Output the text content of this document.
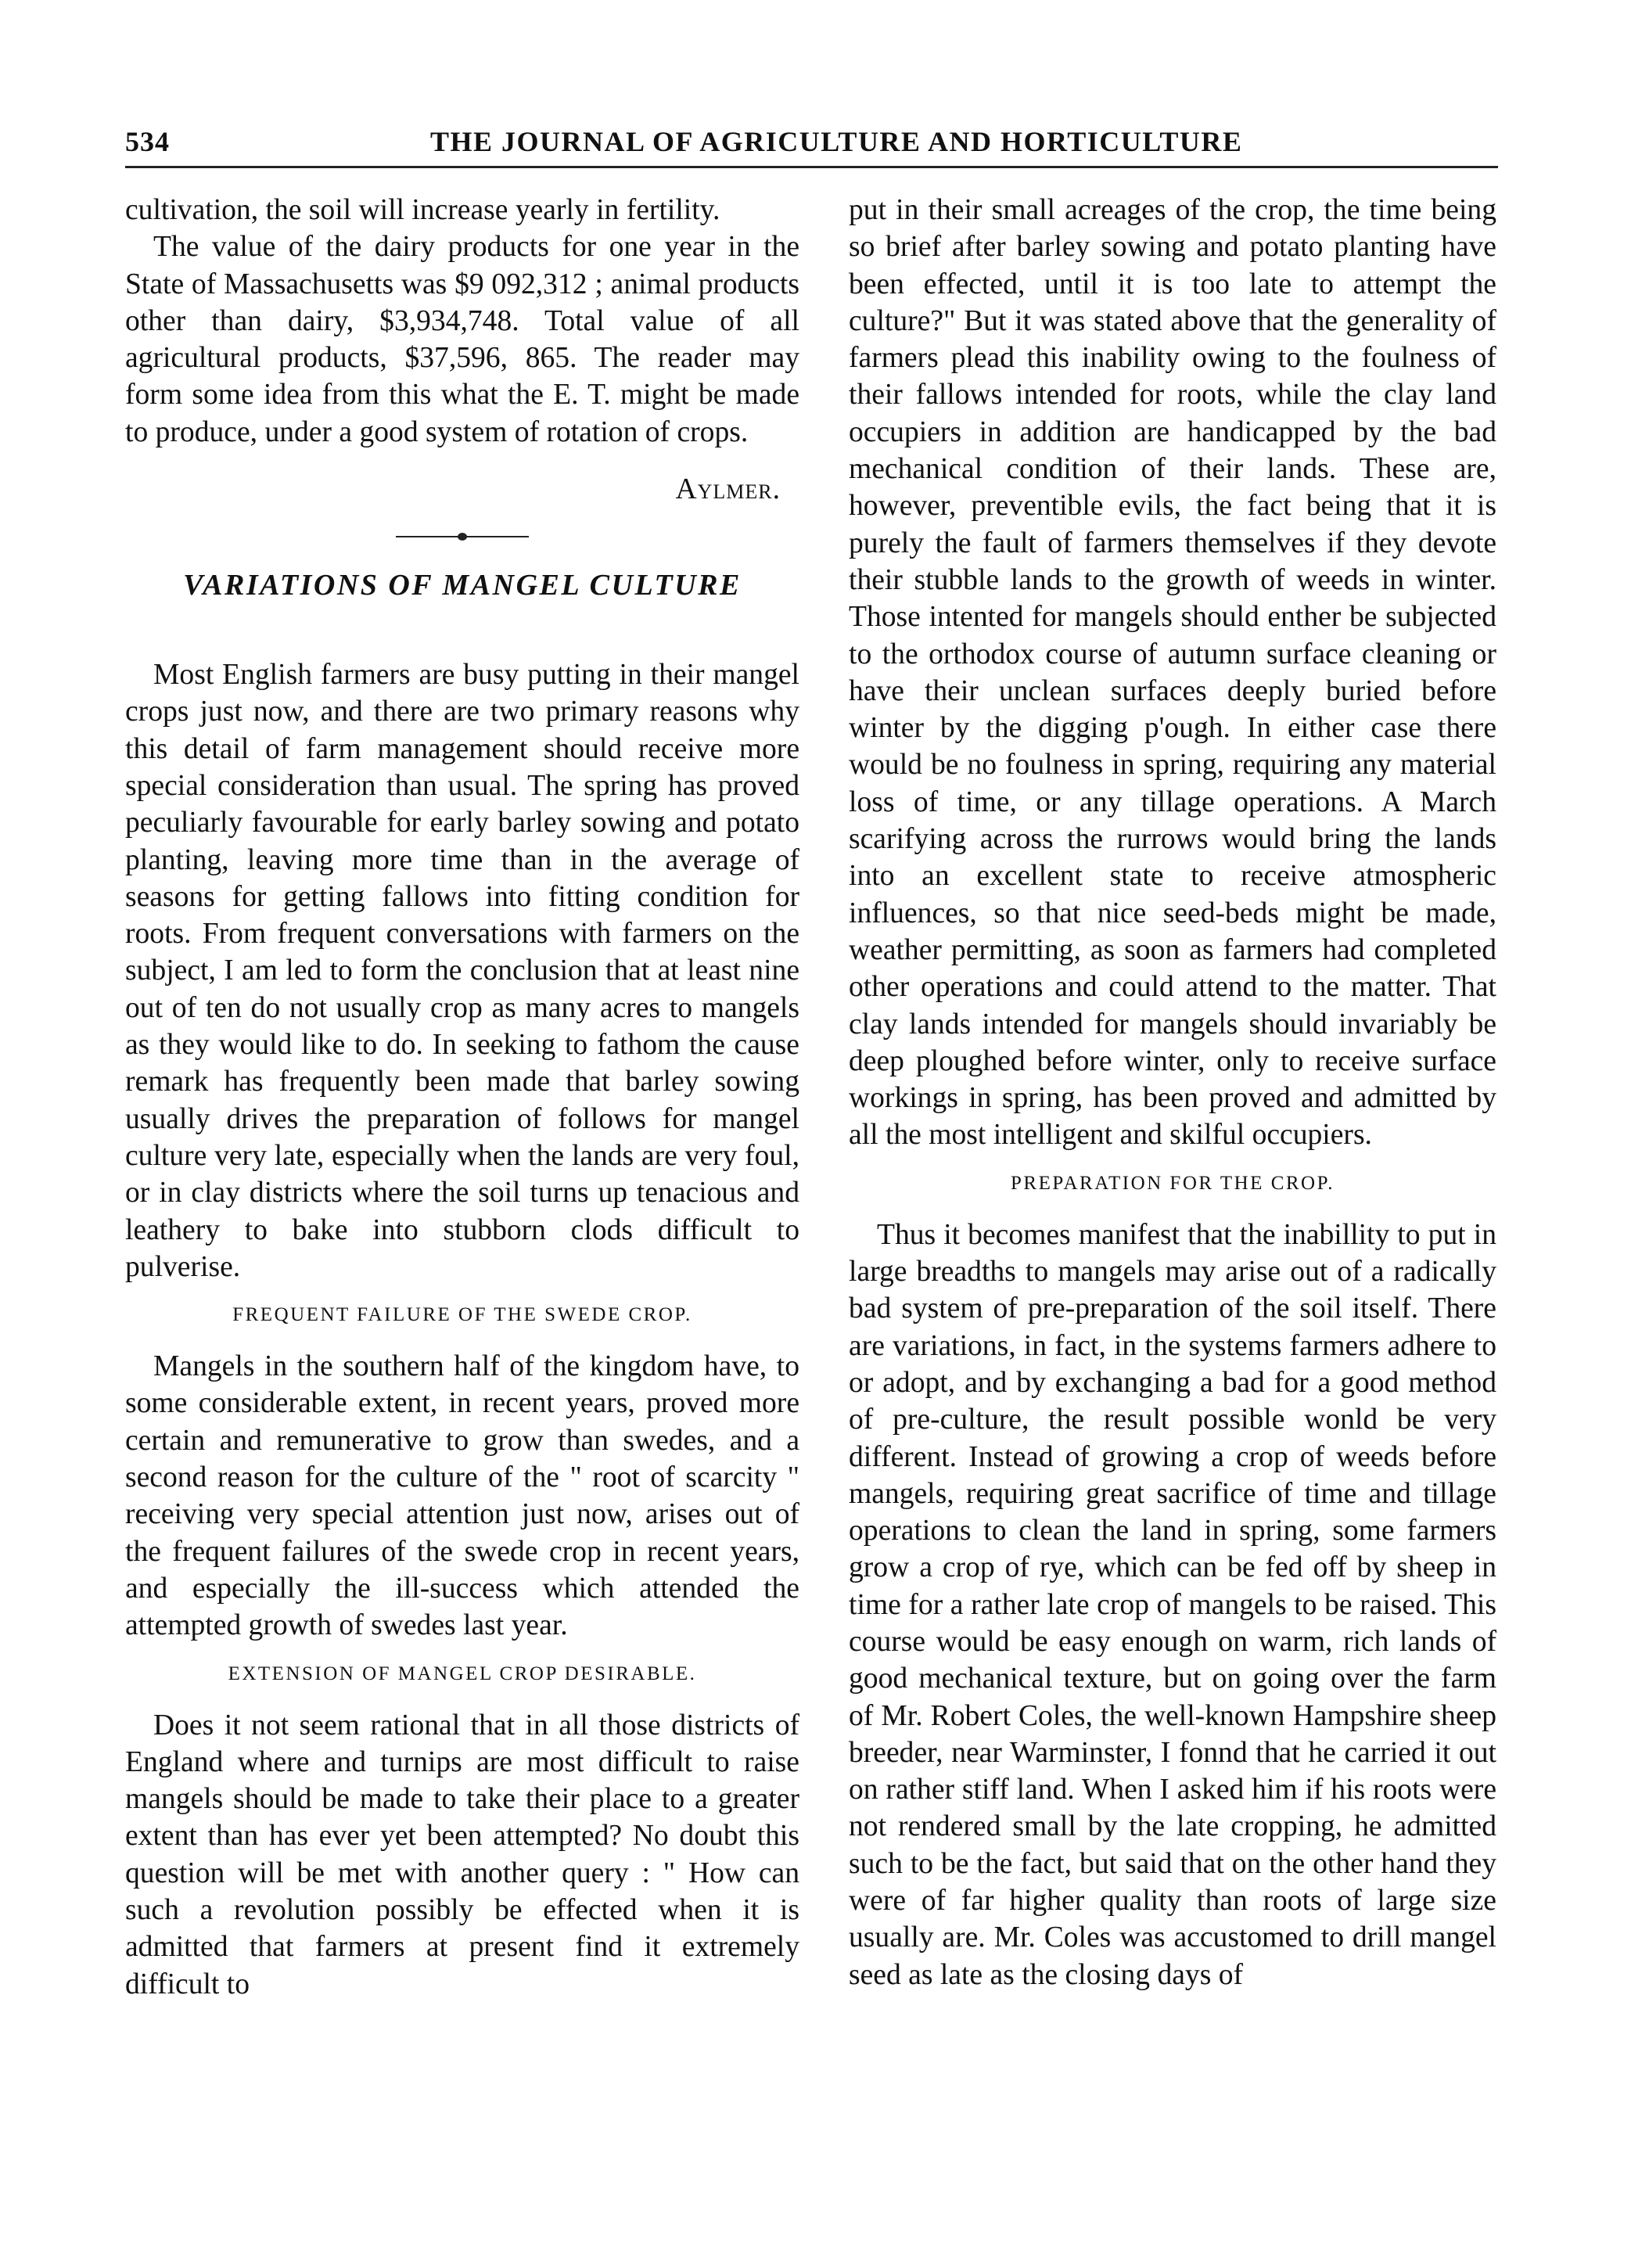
534	THE JOURNAL OF AGRICULTURE AND HORTICULTURE

cultivation, the soil will increase yearly in fertility.

The value of the dairy products for one year in the State of Massachusetts was $9 092,312 ; animal products other than dairy, $3,934,748. Total value of all agricultural products, $37,596, 865. The reader may form some idea from this what the E. T. might be made to produce, under a good system of rotation of crops.

Aylmer.
VARIATIONS OF MANGEL CULTURE

Most English farmers are busy putting in their mangel crops just now, and there are two primary reasons why this detail of farm management should receive more special consideration than usual. The spring has proved peculiarly favourable for early barley sowing and potato planting, leaving more time than in the average of seasons for getting fallows into fitting condition for roots. From frequent conversations with farmers on the subject, I am led to form the conclusion that at least nine out of ten do not usually crop as many acres to mangels as they would like to do. In seeking to fathom the cause remark has frequently been made that barley sowing usually drives the preparation of follows for mangel culture very late, especially when the lands are very foul, or in clay districts where the soil turns up tenacious and leathery to bake into stubborn clods difficult to pulverise.

FREQUENT FAILURE OF THE SWEDE CROP.

Mangels in the southern half of the kingdom have, to some considerable extent, in recent years, proved more certain and remunerative to grow than swedes, and a second reason for the culture of the " root of scarcity " receiving very special attention just now, arises out of the frequent failures of the swede crop in recent years, and especially the ill-success which attended the attempted growth of swedes last year.

EXTENSION OF MANGEL CROP DESIRABLE.

Does it not seem rational that in all those districts of England where and turnips are most difficult to raise mangels should be made to take their place to a greater extent than has ever yet been attempted? No doubt this question will be met with another query : " How can such a revolution possibly be effected when it is admitted that farmers at present find it extremely difficult to

put in their small acreages of the crop, the time being so brief after barley sowing and potato planting have been effected, until it is too late to attempt the culture?" But it was stated above that the generality of farmers plead this inability owing to the foulness of their fallows intended for roots, while the clay land occupiers in addition are handicapped by the bad mechanical condition of their lands. These are, however, preventible evils, the fact being that it is purely the fault of farmers themselves if they devote their stubble lands to the growth of weeds in winter. Those intented for mangels should enther be subjected to the orthodox course of autumn surface cleaning or have their unclean surfaces deeply buried before winter by the digging p'ough. In either case there would be no foulness in spring, requiring any material loss of time, or any tillage operations. A March scarifying across the rurrows would bring the lands into an excellent state to receive atmospheric influences, so that nice seed-beds might be made, weather permitting, as soon as farmers had completed other operations and could attend to the matter. That clay lands intended for mangels should invariably be deep ploughed before winter, only to receive surface workings in spring, has been proved and admitted by all the most intelligent and skilful occupiers.

PREPARATION FOR THE CROP.

Thus it becomes manifest that the inabillity to put in large breadths to mangels may arise out of a radically bad system of pre-preparation of the soil itself. There are variations, in fact, in the systems farmers adhere to or adopt, and by exchanging a bad for a good method of pre-culture, the result possible wonld be very different. Instead of growing a crop of weeds before mangels, requiring great sacrifice of time and tillage operations to clean the land in spring, some farmers grow a crop of rye, which can be fed off by sheep in time for a rather late crop of mangels to be raised. This course would be easy enough on warm, rich lands of good mechanical texture, but on going over the farm of Mr. Robert Coles, the well-known Hampshire sheep breeder, near Warminster, I fonnd that he carried it out on rather stiff land. When I asked him if his roots were not rendered small by the late cropping, he admitted such to be the fact, but said that on the other hand they were of far higher quality than roots of large size usually are. Mr. Coles was accustomed to drill mangel seed as late as the closing days of
